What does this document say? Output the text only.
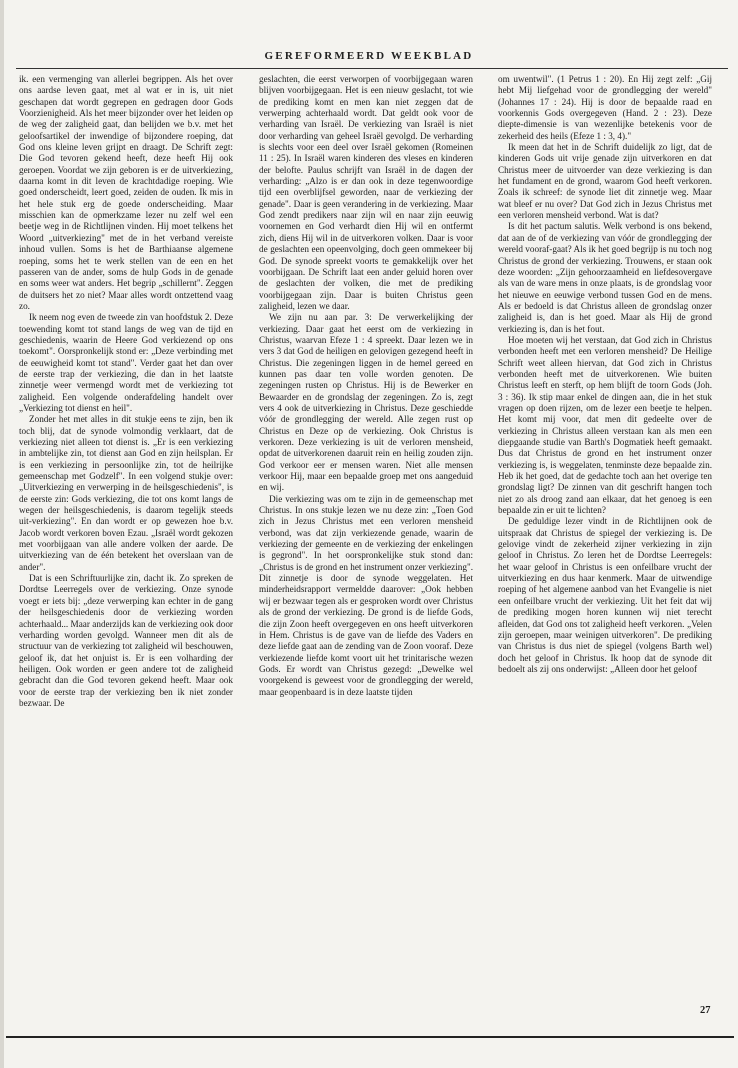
GEREFORMEERD WEEKBLAD

ik. een vermenging van allerlei begrippen. Als het over ons aardse leven gaat, met al wat er in is, uit niet geschapen dat wordt gegrepen en gedragen door Gods Voorzienigheid. Als het meer bijzonder over het leiden op de weg der zaligheid gaat, dan belijden we b.v. met het geloofsartikel der inwendige of bijzondere roeping, dat God ons kleine leven grijpt en draagt. De Schrift zegt: Die God tevoren gekend heeft, deze heeft Hij ook geroepen. Voordat we zijn geboren is er de uitverkiezing, daarna komt in dit leven de krachtdadige roeping. Wie goed onderscheidt, leert goed, zeiden de ouden. Ik mis in het hele stuk erg de goede onderscheiding. Maar misschien kan de opmerkzame lezer nu zelf wel een beetje weg in de Richtlijnen vinden. Hij moet telkens het Woord „uitverkiezing" met de in het verband vereiste inhoud vullen. Soms is het de Barthiaanse algemene roeping, soms het te werk stellen van de een en het passeren van de ander, soms de hulp Gods in de genade en soms weer wat anders. Het begrip „schillernt". Zeggen de duitsers het zo niet? Maar alles wordt ontzettend vaag zo.

Ik neem nog even de tweede zin van hoofdstuk 2. Deze toewending komt tot stand langs de weg van de tijd en geschiedenis, waarin de Heere God verkiezend op ons toekomt". Oorspronkelijk stond er: „Deze verbinding met de eeuwigheid komt tot stand". Verder gaat het dan over de eerste trap der verkiezing, die dan in het laatste zinnetje weer vermengd wordt met de verkiezing tot zaligheid. Een volgende onderafdeling handelt over „Verkiezing tot dienst en heil".

Zonder het met alles in dit stukje eens te zijn, ben ik toch blij, dat de synode volmondig verklaart, dat de verkiezing niet alleen tot dienst is. „Er is een verkiezing in ambtelijke zin, tot dienst aan God en zijn heilsplan. Er is een verkiezing in persoonlijke zin, tot de heilrijke gemeenschap met Godzelf". In een volgend stukje over: „Uitverkiezing en verwerping in de heilsgeschiedenis", is de eerste zin: Gods verkiezing, die tot ons komt langs de wegen der heilsgeschiedenis, is daarom tegelijk steeds uit-verkiezing". En dan wordt er op gewezen hoe b.v. Jacob wordt verkoren boven Ezau. „Israël wordt gekozen met voorbijgaan van alle andere volken der aarde. De uitverkiezing van de één betekent het overslaan van de ander".

Dat is een Schriftuurlijke zin, dacht ik. Zo spreken de Dordtse Leerregels over de verkiezing. Onze synode voegt er iets bij: „deze verwerping kan echter in de gang der heilsgeschiedenis door de verkiezing worden achterhaald... Maar anderzijds kan de verkiezing ook door verharding worden gevolgd. Wanneer men dit als de structuur van de verkiezing tot zaligheid wil beschouwen, geloof ik, dat het onjuist is. Er is een volharding der heiligen. Ook worden er geen andere tot de zaligheid gebracht dan die God tevoren gekend heeft. Maar ook voor de eerste trap der verkiezing ben ik niet zonder bezwaar. De

geslachten, die eerst verworpen of voorbijgegaan waren blijven voorbijgegaan. Het is een nieuw geslacht, tot wie de prediking komt en men kan niet zeggen dat de verwerping achterhaald wordt. Dat geldt ook voor de verharding van Israël. De verkiezing van Israël is niet door verharding van geheel Israël gevolgd. De verharding is slechts voor een deel over Israël gekomen (Romeinen 11 : 25). In Israël waren kinderen des vleses en kinderen der belofte. Paulus schrijft van Israël in de dagen der verharding: „Alzo is er dan ook in deze tegenwoordige tijd een overblijfsel geworden, naar de verkiezing der genade". Daar is geen verandering in de verkiezing. Maar God zendt predikers naar zijn wil en naar zijn eeuwig voornemen en God verhardt dien Hij wil en ontfermt zich, diens Hij wil in de uitverkoren volken. Daar is voor de geslachten een opeenvolging, doch geen ommekeer bij God. De synode spreekt voorts te gemakkelijk over het voorbijgaan. De Schrift laat een ander geluid horen over de geslachten der volken, die met de prediking voorbijgegaan zijn. Daar is buiten Christus geen zaligheid, lezen we daar.

We zijn nu aan par. 3: De verwerkelijking der verkiezing. Daar gaat het eerst om de verkiezing in Christus, waarvan Efeze 1 : 4 spreekt. Daar lezen we in vers 3 dat God de heiligen en gelovigen gezegend heeft in Christus. Die zegeningen liggen in de hemel gereed en kunnen pas daar ten volle worden genoten. De zegeningen rusten op Christus. Hij is de Bewerker en Bewaarder en de grondslag der zegeningen. Zo is, zegt vers 4 ook de uitverkiezing in Christus. Deze geschiedde vóór de grondlegging der wereld. Alle zegen rust op Christus en Deze op de verkiezing. Ook Christus is verkoren. Deze verkiezing is uit de verloren mensheid, opdat de uitverkorenen daaruit rein en heilig zouden zijn. God verkoor eer er mensen waren. Niet alle mensen verkoor Hij, maar een bepaalde groep met ons aangeduid en wij.

Die verkiezing was om te zijn in de gemeenschap met Christus. In ons stukje lezen we nu deze zin: „Toen God zich in Jezus Christus met een verloren mensheid verbond, was dat zijn verkiezende genade, waarin de verkiezing der gemeente en de verkiezing der enkelingen is gegrond". In het oorspronkelijke stuk stond dan: „Christus is de grond en het instrument onzer verkiezing". Dit zinnetje is door de synode weggelaten. Het minderheidsrapport vermeldde daarover: „Ook hebben wij er bezwaar tegen als er gesproken wordt over Christus als de grond der verkiezing. De grond is de liefde Gods, die zijn Zoon heeft overgegeven en ons heeft uitverkoren in Hem. Christus is de gave van de liefde des Vaders en deze liefde gaat aan de zending van de Zoon vooraf. Deze verkiezende liefde komt voort uit het trinitarische wezen Gods. Er wordt van Christus gezegd: „Dewelke wel voorgekend is geweest voor de grondlegging der wereld, maar geopenbaard is in deze laatste tijden

om uwentwil". (1 Petrus 1 : 20). En Hij zegt zelf: „Gij hebt Mij liefgehad voor de grondlegging der wereld" (Johannes 17 : 24). Hij is door de bepaalde raad en voorkennis Gods overgegeven (Hand. 2 : 23). Deze diepte-dimensie is van wezenlijke betekenis voor de zekerheid des heils (Efeze 1 : 3, 4)."

Ik meen dat het in de Schrift duidelijk zo ligt, dat de kinderen Gods uit vrije genade zijn uitverkoren en dat Christus meer de uitvoerder van deze verkiezing is dan het fundament en de grond, waarom God heeft verkoren. Zoals ik schreef: de synode liet dit zinnetje weg. Maar wat bleef er nu over? Dat God zich in Jezus Christus met een verloren mensheid verbond. Wat is dat?

Is dit het pactum salutis. Welk verbond is ons bekend, dat aan de of de verkiezing van vóór de grondlegging der wereld vooraf-gaat? Als ik het goed begrijp is nu toch nog Christus de grond der verkiezing. Trouwens, er staan ook deze woorden: „Zijn gehoorzaamheid en liefdesovergave als van de ware mens in onze plaats, is de grondslag voor het nieuwe en eeuwige verbond tussen God en de mens. Als er bedoeld is dat Christus alleen de grondslag onzer zaligheid is, dan is het goed. Maar als Hij de grond verkiezing is, dan is het fout.

Hoe moeten wij het verstaan, dat God zich in Christus verbonden heeft met een verloren mensheid? De Heilige Schrift weet alleen hiervan, dat God zich in Christus verbonden heeft met de uitverkorenen. Wie buiten Christus leeft en sterft, op hem blijft de toorn Gods (Joh. 3 : 36). Ik stip maar enkel de dingen aan, die in het stuk vragen op doen rijzen, om de lezer een beetje te helpen. Het komt mij voor, dat men dit gedeelte over de verkiezing in Christus alleen verstaan kan als men een diepgaande studie van Barth's Dogmatiek heeft gemaakt. Dus dat Christus de grond en het instrument onzer verkiezing is, is weggelaten, tenminste deze bepaalde zin. Heb ik het goed, dat de gedachte toch aan het overige ten grondslag ligt? De zinnen van dit geschrift hangen toch niet zo als droog zand aan elkaar, dat het genoeg is een bepaalde zin er uit te lichten?

De geduldige lezer vindt in de Richtlijnen ook de uitspraak dat Christus de spiegel der verkiezing is. De gelovige vindt de zekerheid zijner verkiezing in zijn geloof in Christus. Zo leren het de Dordtse Leerregels: het waar geloof in Christus is een onfeilbare vrucht der uitverkiezing en dus haar kenmerk. Maar de uitwendige roeping of het algemene aanbod van het Evangelie is niet een onfeilbare vrucht der verkiezing. Uit het feit dat wij de prediking mogen horen kunnen wij niet terecht afleiden, dat God ons tot zaligheid heeft verkoren. „Velen zijn geroepen, maar weinigen uitverkoren". De prediking van Christus is dus niet de spiegel (volgens Barth wel) doch het geloof in Christus. Ik hoop dat de synode dit bedoelt als zij ons onderwijst: „Alleen door het geloof

27
